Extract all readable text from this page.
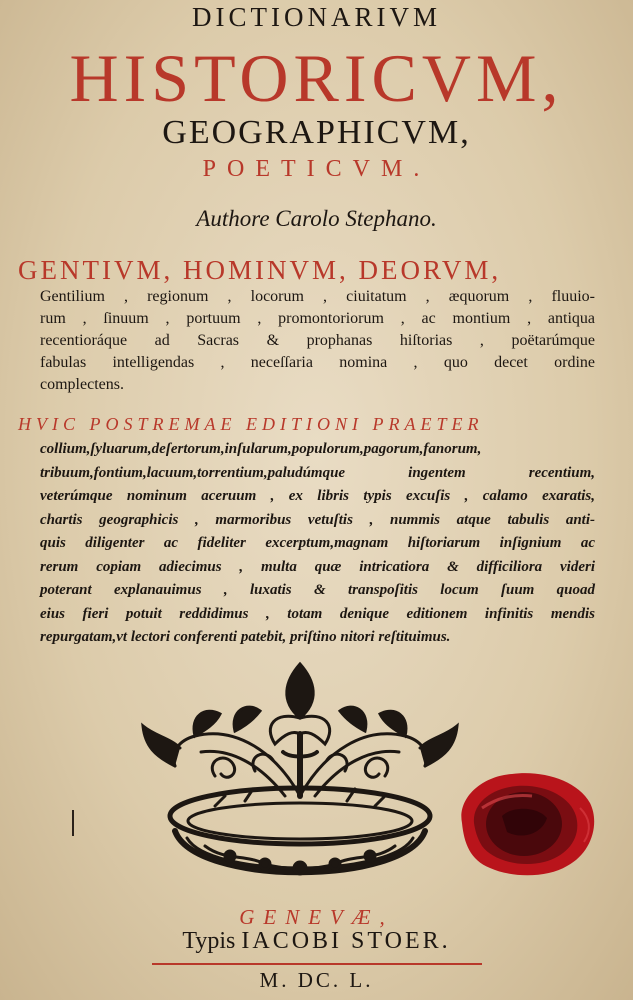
DICTIONARIVM
HISTORICVM,
GEOGRAPHICVM,
POETICVM.
Authore Carolo Stephano.
GENTIVM, HOMINVM, DEORVM,
Gentilium , regionum , locorum , ciuitatum , æquorum , fluuio-
rum , ſinuum , portuum , promontoriorum , ac montium , antiqua
recentioráque ad Sacras & prophanas hiſtorias , poëtarúmque
fabulas intelligendas , neceſſaria nomina , quo decet ordine
complectens.
HVIC POSTREMAE EDITIONI PRAETER
collium,ſyluarum,deſertorum,inſularum,populorum,pagorum,fanorum,
tribuum,fontium,lacuum,torrentium,paludúmque ingentem recentium,
veterúmque nominum aceruum , ex libris typis excuſis , calamo exaratis,
chartis geographicis , marmoribus vetuſtis , nummis atque tabulis anti-
quis diligenter ac fideliter excerptum,magnam hiſtoriarum inſignium ac
rerum copiam adiecimus , multa quæ intricatiora & difficiliora videri
poterant explanauimus , luxatis & transpoſitis locum ſuum quoad
eius fieri potuit reddidimus , totam denique editionem infinitis mendis
repurgatam,vt lectori conferenti patebit, priſtino nitori reſtituimus.
GENEVÆ,
Typis IACOBI STOER.
M. DC. L.
